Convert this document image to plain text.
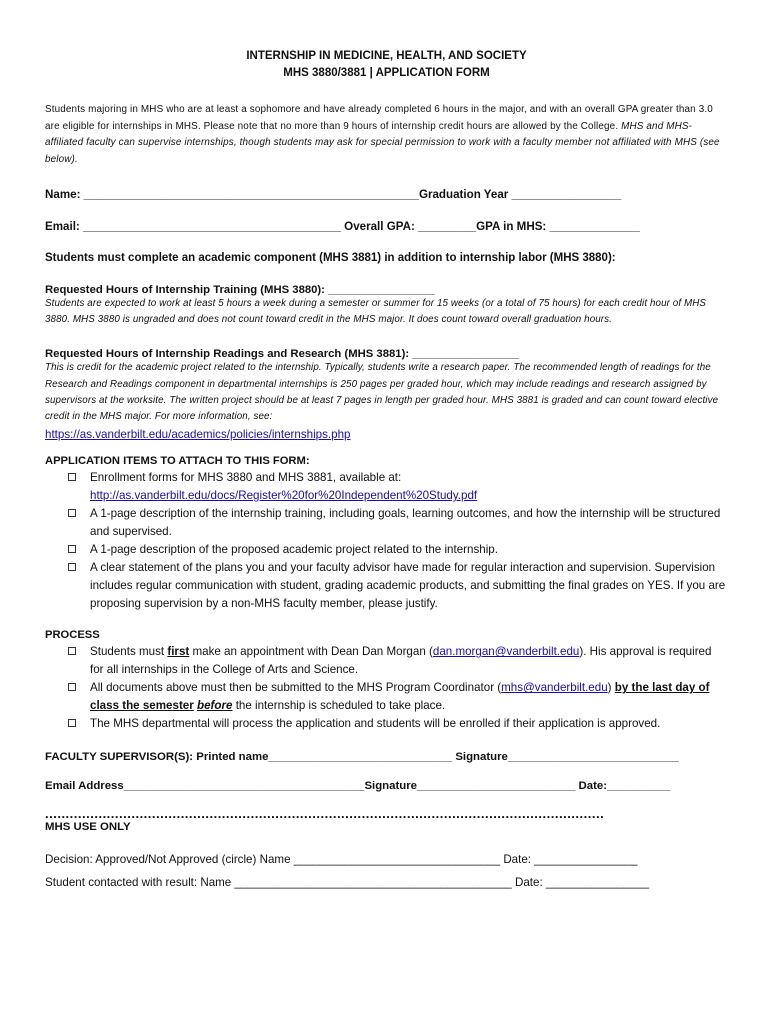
INTERNSHIP IN MEDICINE, HEALTH, AND SOCIETY
MHS 3880/3881 | APPLICATION FORM
Students majoring in MHS who are at least a sophomore and have already completed 6 hours in the major, and with an overall GPA greater than 3.0 are eligible for internships in MHS. Please note that no more than 9 hours of internship credit hours are allowed by the College. MHS and MHS-affiliated faculty can supervise internships, though students may ask for special permission to work with a faculty member not affiliated with MHS (see below).
Name: ____________________________________________________Graduation Year _________________
Email: ________________________________________ Overall GPA: _________GPA in MHS: ______________
Students must complete an academic component (MHS 3881) in addition to internship labor (MHS 3880):
Requested Hours of Internship Training (MHS 3880): _________________
Students are expected to work at least 5 hours a week during a semester or summer for 15 weeks (or a total of 75 hours) for each credit hour of MHS 3880. MHS 3880 is ungraded and does not count toward credit in the MHS major. It does count toward overall graduation hours.
Requested Hours of Internship Readings and Research (MHS 3881): _________________
This is credit for the academic project related to the internship. Typically, students write a research paper. The recommended length of readings for the Research and Readings component in departmental internships is 250 pages per graded hour, which may include readings and research assigned by supervisors at the worksite. The written project should be at least 7 pages in length per graded hour. MHS 3881 is graded and can count toward elective credit in the MHS major. For more information, see:
https://as.vanderbilt.edu/academics/policies/internships.php
APPLICATION ITEMS TO ATTACH TO THIS FORM:
Enrollment forms for MHS 3880 and MHS 3881, available at:
http://as.vanderbilt.edu/docs/Register%20for%20Independent%20Study.pdf
A 1-page description of the internship training, including goals, learning outcomes, and how the internship will be structured and supervised.
A 1-page description of the proposed academic project related to the internship.
A clear statement of the plans you and your faculty advisor have made for regular interaction and supervision. Supervision includes regular communication with student, grading academic products, and submitting the final grades on YES. If you are proposing supervision by a non-MHS faculty member, please justify.
PROCESS
Students must first make an appointment with Dean Dan Morgan (dan.morgan@vanderbilt.edu). His approval is required for all internships in the College of Arts and Science.
All documents above must then be submitted to the MHS Program Coordinator (mhs@vanderbilt.edu) by the last day of class the semester before the internship is scheduled to take place.
The MHS departmental will process the application and students will be enrolled if their application is approved.
FACULTY SUPERVISOR(S): Printed name_____________________________ Signature___________________________
Email Address______________________________________Signature_________________________ Date:__________
........................................................................................................................................
MHS USE ONLY
Decision: Approved/Not Approved (circle) Name ________________________________ Date: ________________
Student contacted with result: Name ___________________________________________ Date: ________________
